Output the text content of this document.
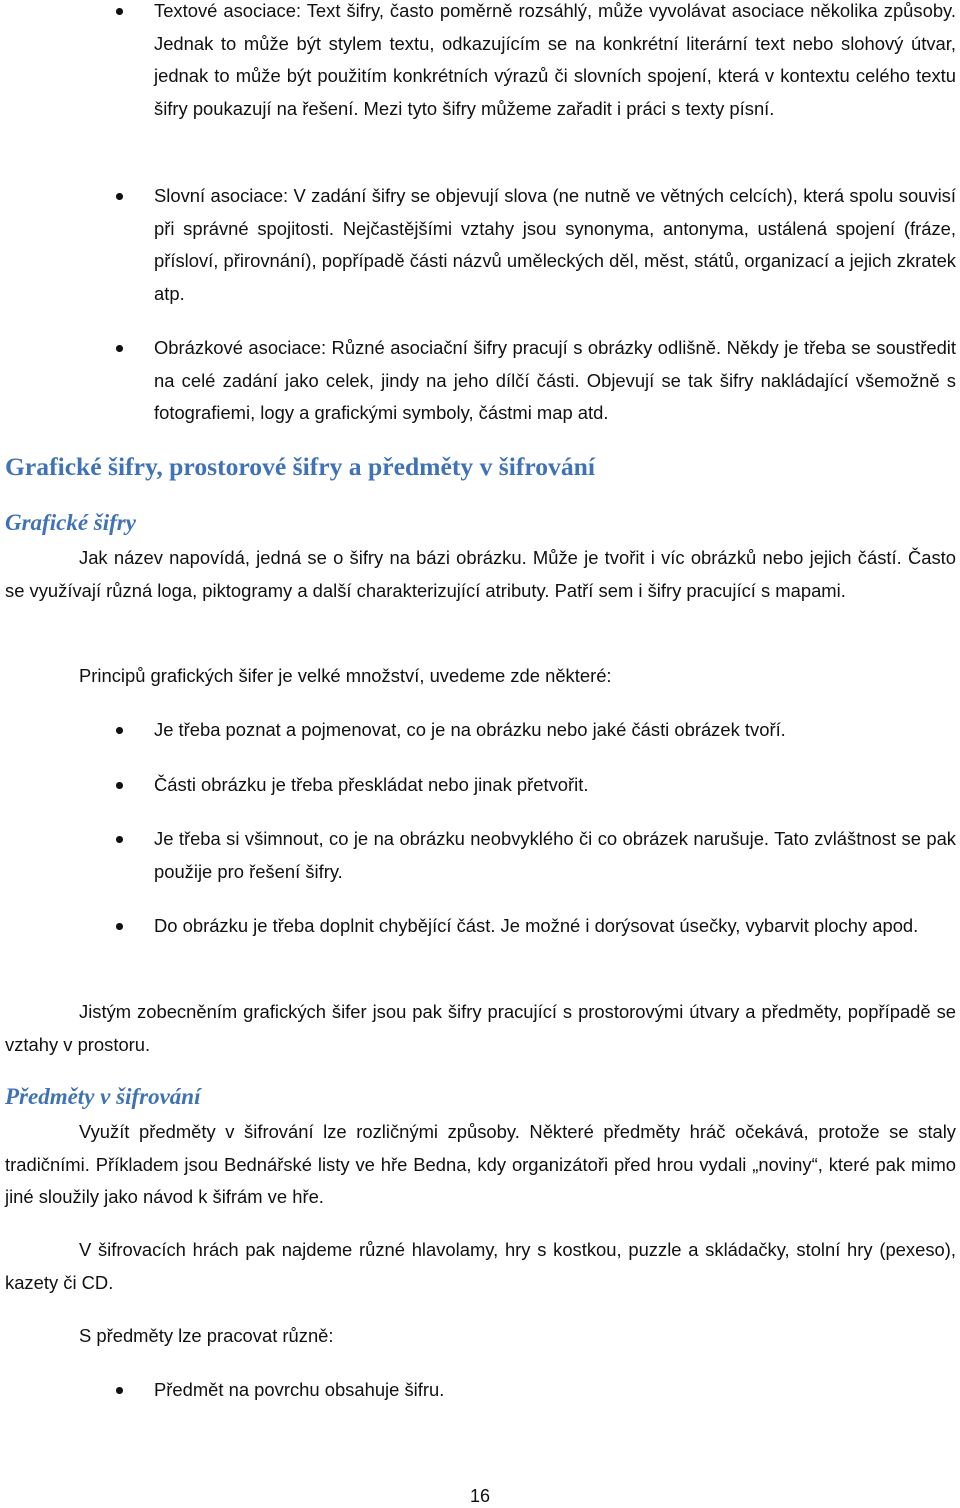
Textové asociace: Text šifry, často poměrně rozsáhlý, může vyvolávat asociace několika způsoby. Jednak to může být stylem textu, odkazujícím se na konkrétní literární text nebo slohový útvar, jednak to může být použitím konkrétních výrazů či slovních spojení, která v kontextu celého textu šifry poukazují na řešení. Mezi tyto šifry můžeme zařadit i práci s texty písní.

Slovní asociace: V zadání šifry se objevují slova (ne nutně ve větných celcích), která spolu souvisí při správné spojitosti. Nejčastějšími vztahy jsou synonyma, antonyma, ustálená spojení (fráze, přísloví, přirovnání), popřípadě části názvů uměleckých děl, měst, států, organizací a jejich zkratek atp.

Obrázkové asociace: Různé asociační šifry pracují s obrázky odlišně. Někdy je třeba se soustředit na celé zadání jako celek, jindy na jeho dílčí části. Objevují se tak šifry nakládající všemožně s fotografiemi, logy a grafickými symboly, částmi map atd.

Grafické šifry, prostorové šifry a předměty v šifrování
Grafické šifry

Jak název napovídá, jedná se o šifry na bázi obrázku. Může je tvořit i víc obrázků nebo jejich částí. Často se využívají různá loga, piktogramy a další charakterizující atributy. Patří sem i šifry pracující s mapami.

Principů grafických šifer je velké množství, uvedeme zde některé:

Je třeba poznat a pojmenovat, co je na obrázku nebo jaké části obrázek tvoří.

Části obrázku je třeba přeskládat nebo jinak přetvořit.

Je třeba si všimnout, co je na obrázku neobvyklého či co obrázek narušuje. Tato zvláštnost se pak použije pro řešení šifry.

Do obrázku je třeba doplnit chybějící část. Je možné i dorýsovat úsečky, vybarvit plochy apod.

Jistým zobecněním grafických šifer jsou pak šifry pracující s prostorovými útvary a předměty, popřípadě se vztahy v prostoru.

Předměty v šifrování

Využít předměty v šifrování lze rozličnými způsoby. Některé předměty hráč očekává, protože se staly tradičními. Příkladem jsou Bednářské listy ve hře Bedna, kdy organizátoři před hrou vydali „noviny“, které pak mimo jiné sloužily jako návod k šifrám ve hře.

V šifrovacích hrách pak najdeme různé hlavolamy, hry s kostkou, puzzle a skládačky, stolní hry (pexeso), kazety či CD.

S předměty lze pracovat různě:

Předmět na povrchu obsahuje šifru.

16
